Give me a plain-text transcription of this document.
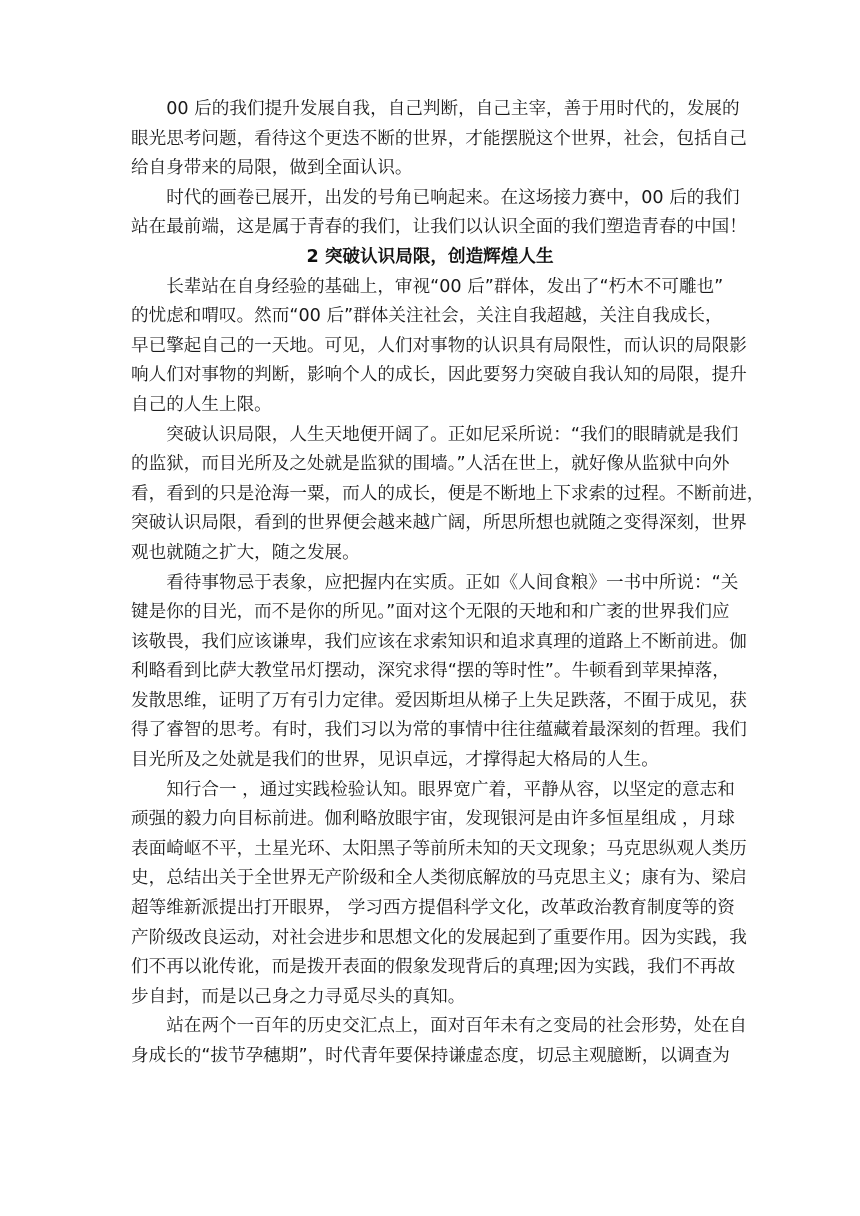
00 后的我们提升发展自我，自己判断，自己主宰，善于用时代的，发展的
眼光思考问题，看待这个更迭不断的世界，才能摆脱这个世界，社会，包括自己
给自身带来的局限，做到全面认识。

时代的画卷已展开，出发的号角已响起来。在这场接力赛中，00 后的我们
站在最前端，这是属于青春的我们，让我们以认识全面的我们塑造青春的中国！

2 突破认识局限，创造辉煌人生

长辈站在自身经验的基础上，审视“00 后”群体，发出了“朽木不可雕也”
的忧虑和喟叹。然而“00 后”群体关注社会，关注自我超越，关注自我成长，
早已擎起自己的一天地。可见，人们对事物的认识具有局限性，而认识的局限影
响人们对事物的判断，影响个人的成长，因此要努力突破自我认知的局限，提升
自己的人生上限。

突破认识局限，人生天地便开阔了。正如尼采所说：“我们的眼睛就是我们
的监狱，而目光所及之处就是监狱的围墙。”人活在世上，就好像从监狱中向外
看，看到的只是沧海一粟，而人的成长，便是不断地上下求索的过程。不断前进，
突破认识局限，看到的世界便会越来越广阔，所思所想也就随之变得深刻，世界
观也就随之扩大，随之发展。

看待事物忌于表象，应把握内在实质。正如《人间食粮》一书中所说：“关
键是你的目光，而不是你的所见。”面对这个无限的天地和和广袤的世界我们应
该敬畏，我们应该谦卑，我们应该在求索知识和追求真理的道路上不断前进。伽
利略看到比萨大教堂吊灯摆动，深究求得“摆的等时性”。牛顿看到苹果掉落，
发散思维，证明了万有引力定律。爱因斯坦从梯子上失足跌落，不囿于成见，获
得了睿智的思考。有时，我们习以为常的事情中往往蕴藏着最深刻的哲理。我们
目光所及之处就是我们的世界，见识卓远，才撑得起大格局的人生。

知行合一 ，通过实践检验认知。眼界宽广着，平静从容，以坚定的意志和
顽强的毅力向目标前进。伽利略放眼宇宙，发现银河是由许多恒星组成 ，月球
表面崎岖不平，土星光环、太阳黑子等前所未知的天文现象；马克思纵观人类历
史，总结出关于全世界无产阶级和全人类彻底解放的马克思主义；康有为、梁启
超等维新派提出打开眼界， 学习西方提倡科学文化，改革政治教育制度等的资
产阶级改良运动，对社会进步和思想文化的发展起到了重要作用。因为实践，我
们不再以讹传讹，而是拨开表面的假象发现背后的真理;因为实践，我们不再故
步自封，而是以己身之力寻觅尽头的真知。

站在两个一百年的历史交汇点上，面对百年未有之变局的社会形势，处在自
身成长的“拔节孕穗期”，时代青年要保持谦虚态度，切忌主观臆断，以调查为
